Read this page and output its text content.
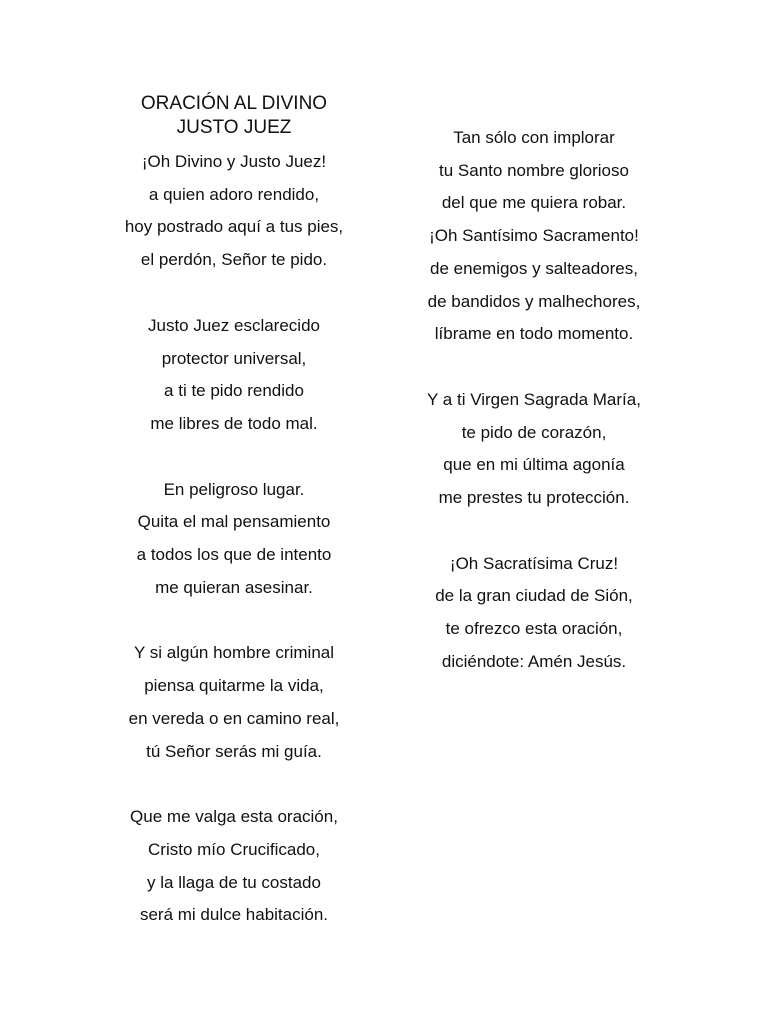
ORACIÓN AL DIVINO
JUSTO JUEZ
¡Oh Divino y Justo Juez!
a quien adoro rendido,
hoy postrado aquí a tus pies,
el perdón, Señor te pido.
Justo Juez esclarecido
protector universal,
a ti te pido rendido
me libres de todo mal.
En peligroso lugar.
Quita el mal pensamiento
a todos los que de intento
me quieran asesinar.
Y si algún hombre criminal
piensa quitarme la vida,
en vereda o en camino real,
tú Señor serás mi guía.
Que me valga esta oración,
Cristo mío Crucificado,
y la llaga de tu costado
será mi dulce habitación.
Tan sólo con implorar
tu Santo nombre glorioso
del que me quiera robar.
¡Oh Santísimo Sacramento!
de enemigos y salteadores,
de bandidos y malhechores,
líbrame en todo momento.
Y a ti Virgen Sagrada María,
te pido de corazón,
que en mi última agonía
me prestes tu protección.
¡Oh Sacratísima Cruz!
de la gran ciudad de Sión,
te ofrezco esta oración,
diciéndote: Amén Jesús.
